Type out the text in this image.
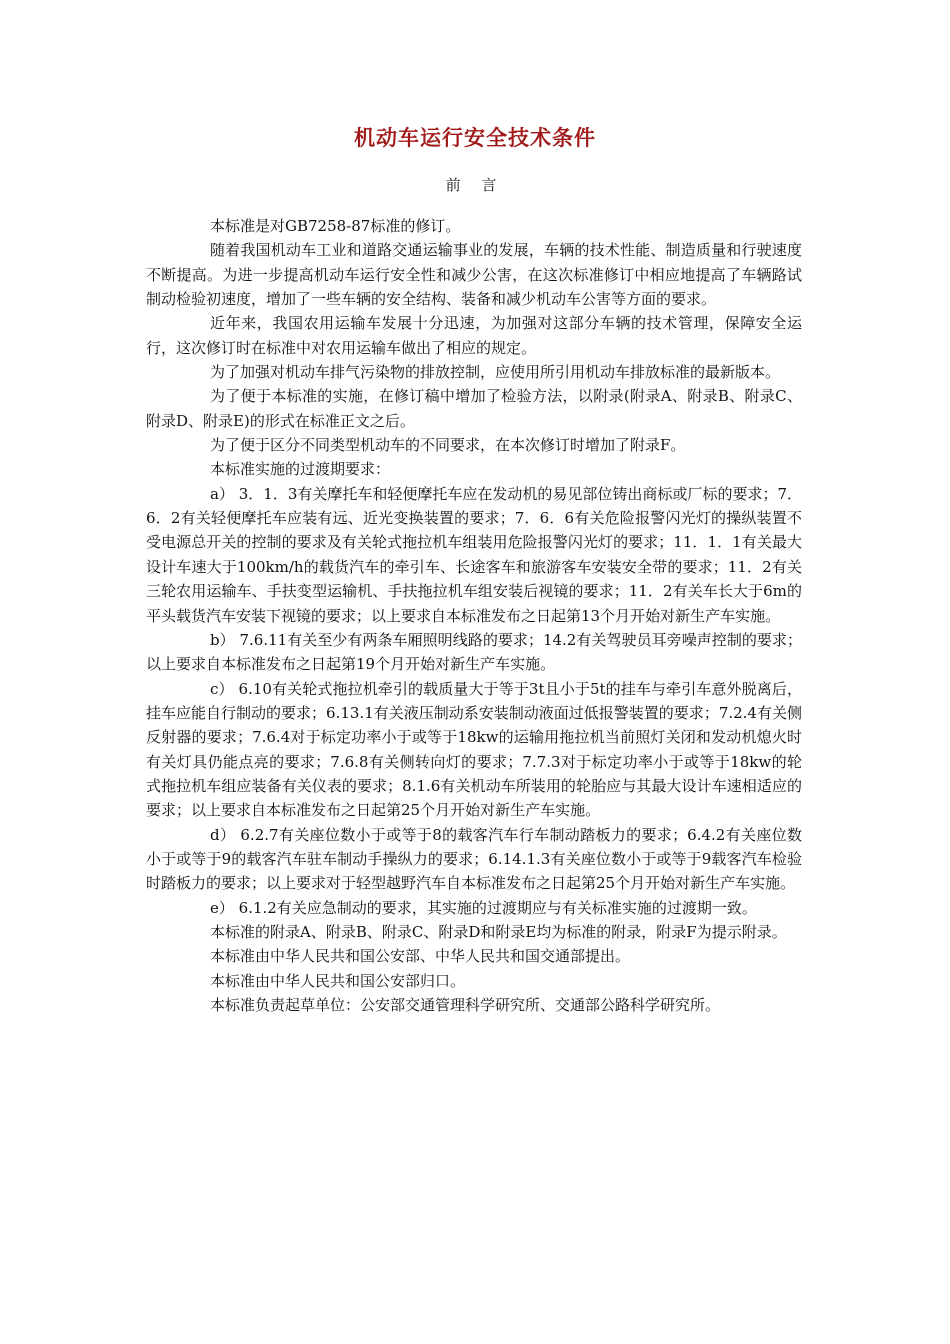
机动车运行安全技术条件
前 言

本标准是对GB7258-87标准的修订。

随着我国机动车工业和道路交通运输事业的发展，车辆的技术性能、制造质量和行驶速度不断提高。为进一步提高机动车运行安全性和减少公害，在这次标准修订中相应地提高了车辆路试制动检验初速度，增加了一些车辆的安全结构、装备和减少机动车公害等方面的要求。

近年来，我国农用运输车发展十分迅速，为加强对这部分车辆的技术管理，保障安全运行，这次修订时在标准中对农用运输车做出了相应的规定。

为了加强对机动车排气污染物的排放控制，应使用所引用机动车排放标准的最新版本。

为了便于本标准的实施，在修订稿中增加了检验方法，以附录(附录A、附录B、附录C、附录D、附录E)的形式在标准正文之后。

为了便于区分不同类型机动车的不同要求，在本次修订时增加了附录F。

本标准实施的过渡期要求：

a） 3．1．3有关摩托车和轻便摩托车应在发动机的易见部位铸出商标或厂标的要求；7．6．2有关轻便摩托车应装有远、近光变换装置的要求；7．6．6有关危险报警闪光灯的操纵装置不受电源总开关的控制的要求及有关轮式拖拉机车组装用危险报警闪光灯的要求；11．1．1有关最大设计车速大于100km/h的载货汽车的牵引车、长途客车和旅游客车安装安全带的要求；11．2有关三轮农用运输车、手扶变型运输机、手扶拖拉机车组安装后视镜的要求；11．2有关车长大于6m的平头载货汽车安装下视镜的要求；以上要求自本标准发布之日起第13个月开始对新生产车实施。

b） 7.6.11有关至少有两条车厢照明线路的要求；14.2有关驾驶员耳旁噪声控制的要求；以上要求自本标准发布之日起第19个月开始对新生产车实施。

c） 6.10有关轮式拖拉机牵引的载质量大于等于3t且小于5t的挂车与牵引车意外脱离后，挂车应能自行制动的要求；6.13.1有关液压制动系安装制动液面过低报警装置的要求；7.2.4有关侧反射器的要求；7.6.4对于标定功率小于或等于18kw的运输用拖拉机当前照灯关闭和发动机熄火时有关灯具仍能点亮的要求；7.6.8有关侧转向灯的要求；7.7.3对于标定功率小于或等于18kw的轮式拖拉机车组应装备有关仪表的要求；8.1.6有关机动车所装用的轮胎应与其最大设计车速相适应的要求；以上要求自本标准发布之日起第25个月开始对新生产车实施。

d） 6.2.7有关座位数小于或等于8的载客汽车行车制动踏板力的要求；6.4.2有关座位数小于或等于9的载客汽车驻车制动手操纵力的要求；6.14.1.3有关座位数小于或等于9载客汽车检验时踏板力的要求；以上要求对于轻型越野汽车自本标准发布之日起第25个月开始对新生产车实施。

e） 6.1.2有关应急制动的要求，其实施的过渡期应与有关标准实施的过渡期一致。

本标准的附录A、附录B、附录C、附录D和附录E均为标准的附录，附录F为提示附录。

本标准由中华人民共和国公安部、中华人民共和国交通部提出。

本标准由中华人民共和国公安部归口。

本标准负责起草单位：公安部交通管理科学研究所、交通部公路科学研究所。
